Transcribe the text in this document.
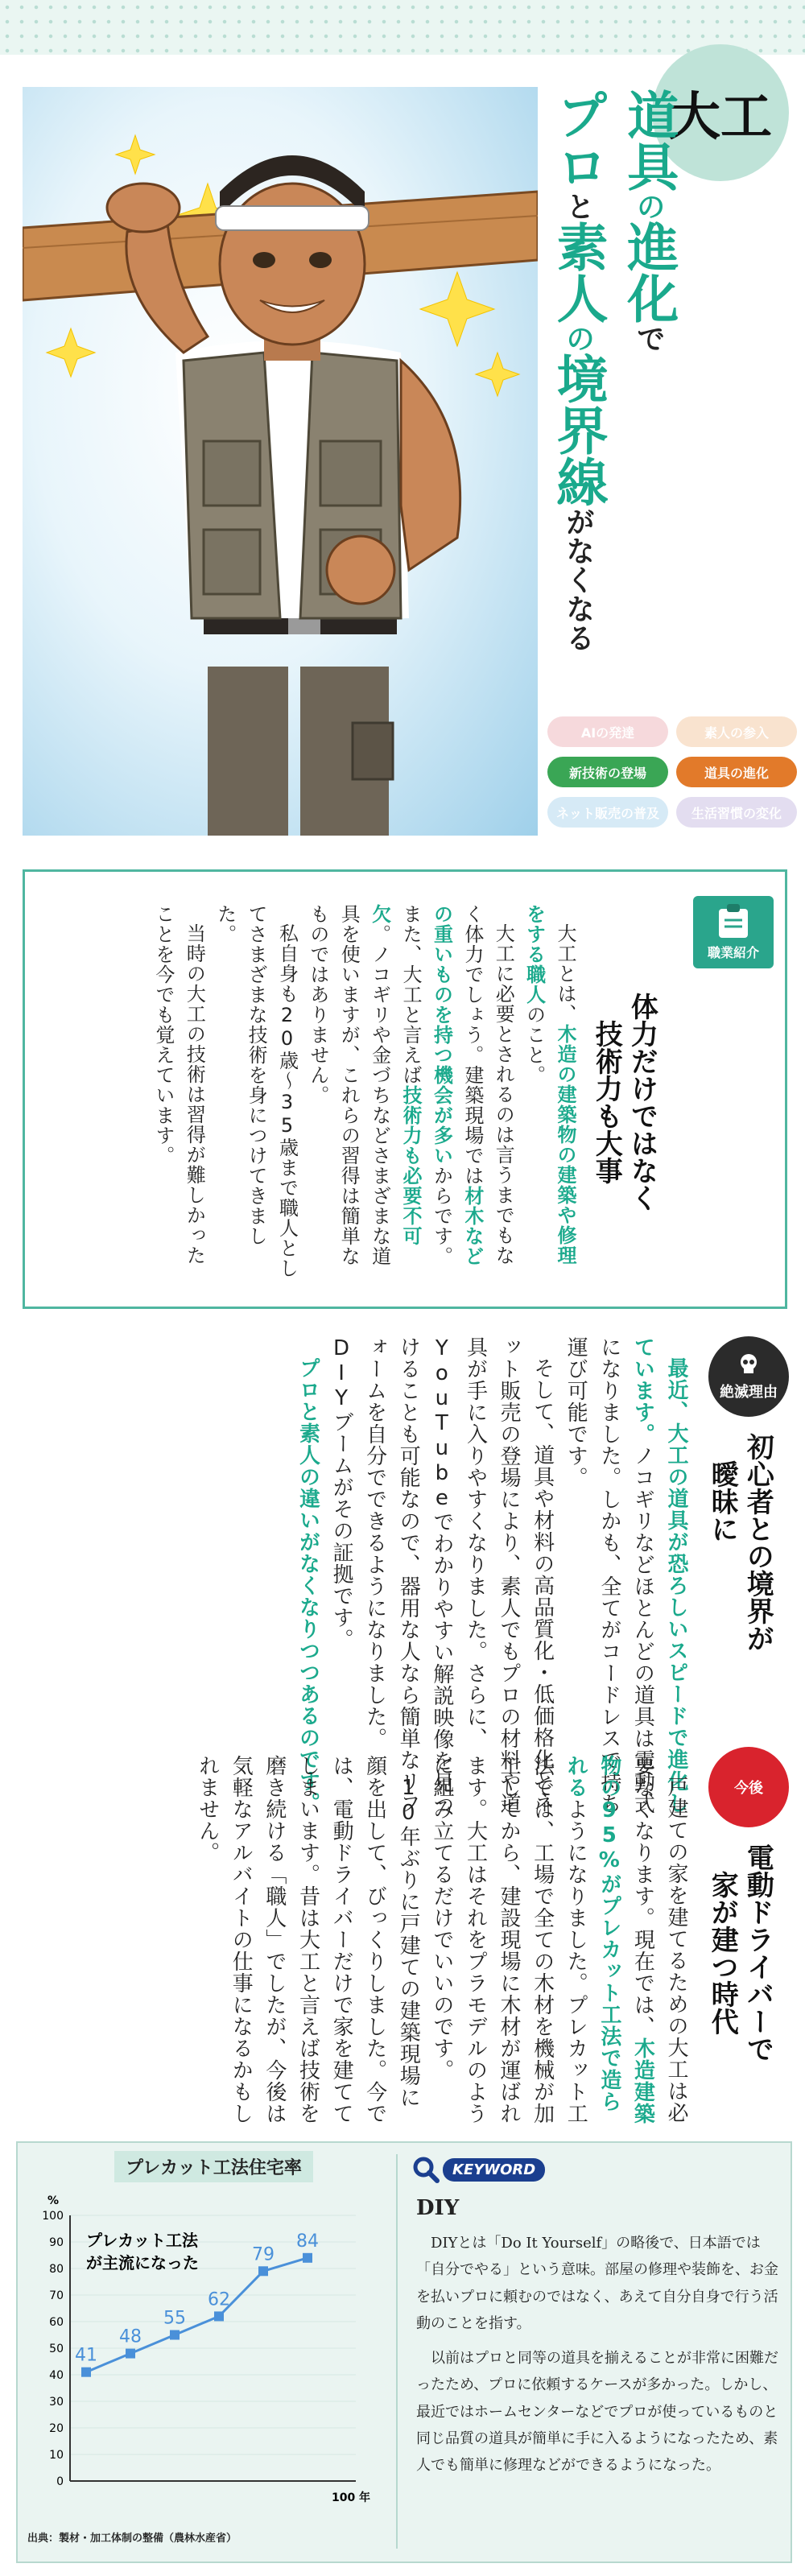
大工
道具の進化で
プロと素人の境界線がなくなる
AIの発達	素人の参入
新技術の登場	道具の進化
ネット販売の普及	生活習慣の変化
職業紹介
体力だけではなく
技術力も大事

大工とは、木造の建築物の建築や修理をする職人のこと。

大工に必要とされるのは言うまでもなく体力でしょう。建築現場では材木などの重いものを持つ機会が多いからです。また、大工と言えば技術力も必要不可欠。ノコギリや金づちなどさまざまな道具を使いますが、これらの習得は簡単なものではありません。

私自身も20歳〜35歳まで職人としてさまざまな技術を身につけてきました。

当時の大工の技術は習得が難しかったことを今でも覚えています。

絶滅理由
初心者との境界が
曖昧に

最近、大工の道具が恐ろしいスピードで進化しています。ノコギリなどほとんどの道具は電動式になりました。しかも、全てがコードレスで持ち運び可能です。

そして、道具や材料の高品質化・低価格化とネット販売の登場により、素人でもプロの材料や道具が手に入りやすくなりました。さらに、YouTubeでわかりやすい解説映像を見つけることも可能なので、器用な人なら簡単なリフォームを自分でできるようになりました。DIYブームがその証拠です。

プロと素人の違いがなくなりつつあるのです。	今後
電動ドライバーで
家が建つ時代

戸建ての家を建てるための大工は必要なくなります。現在では、木造建築物の95%がプレカット工法で造られるようになりました。プレカット工法では、工場で全ての木材を機械が加工してから、建設現場に木材が運ばれます。大工はそれをプラモデルのように組み立てるだけでいいのです。

10年ぶりに戸建ての建築現場に顔を出して、びっくりしました。今では、電動ドライバーだけで家を建ててしまいます。昔は大工と言えば技術を磨き続ける「職人」でしたが、今後は気軽なアルバイトの仕事になるかもしれません。

プレカット工法住宅率
%
0
10
20
30
40
50
60
70
80
90
100
100 年
41
48
55
62
79
84
プレカット工法
が主流になった
出典：製材・加工体制の整備（農林水産省）
KEYWORD
DIY

DIYとは「Do It Yourself」の略後で、日本語では「自分でやる」という意味。部屋の修理や装飾を、お金を払いプロに頼むのではなく、あえて自分自身で行う活動のことを指す。

以前はプロと同等の道具を揃えることが非常に困難だったため、プロに依頼するケースが多かった。しかし、最近ではホームセンターなどでプロが使っているものと同じ品質の道具が簡単に手に入るようになったため、素人でも簡単に修理などができるようになった。
